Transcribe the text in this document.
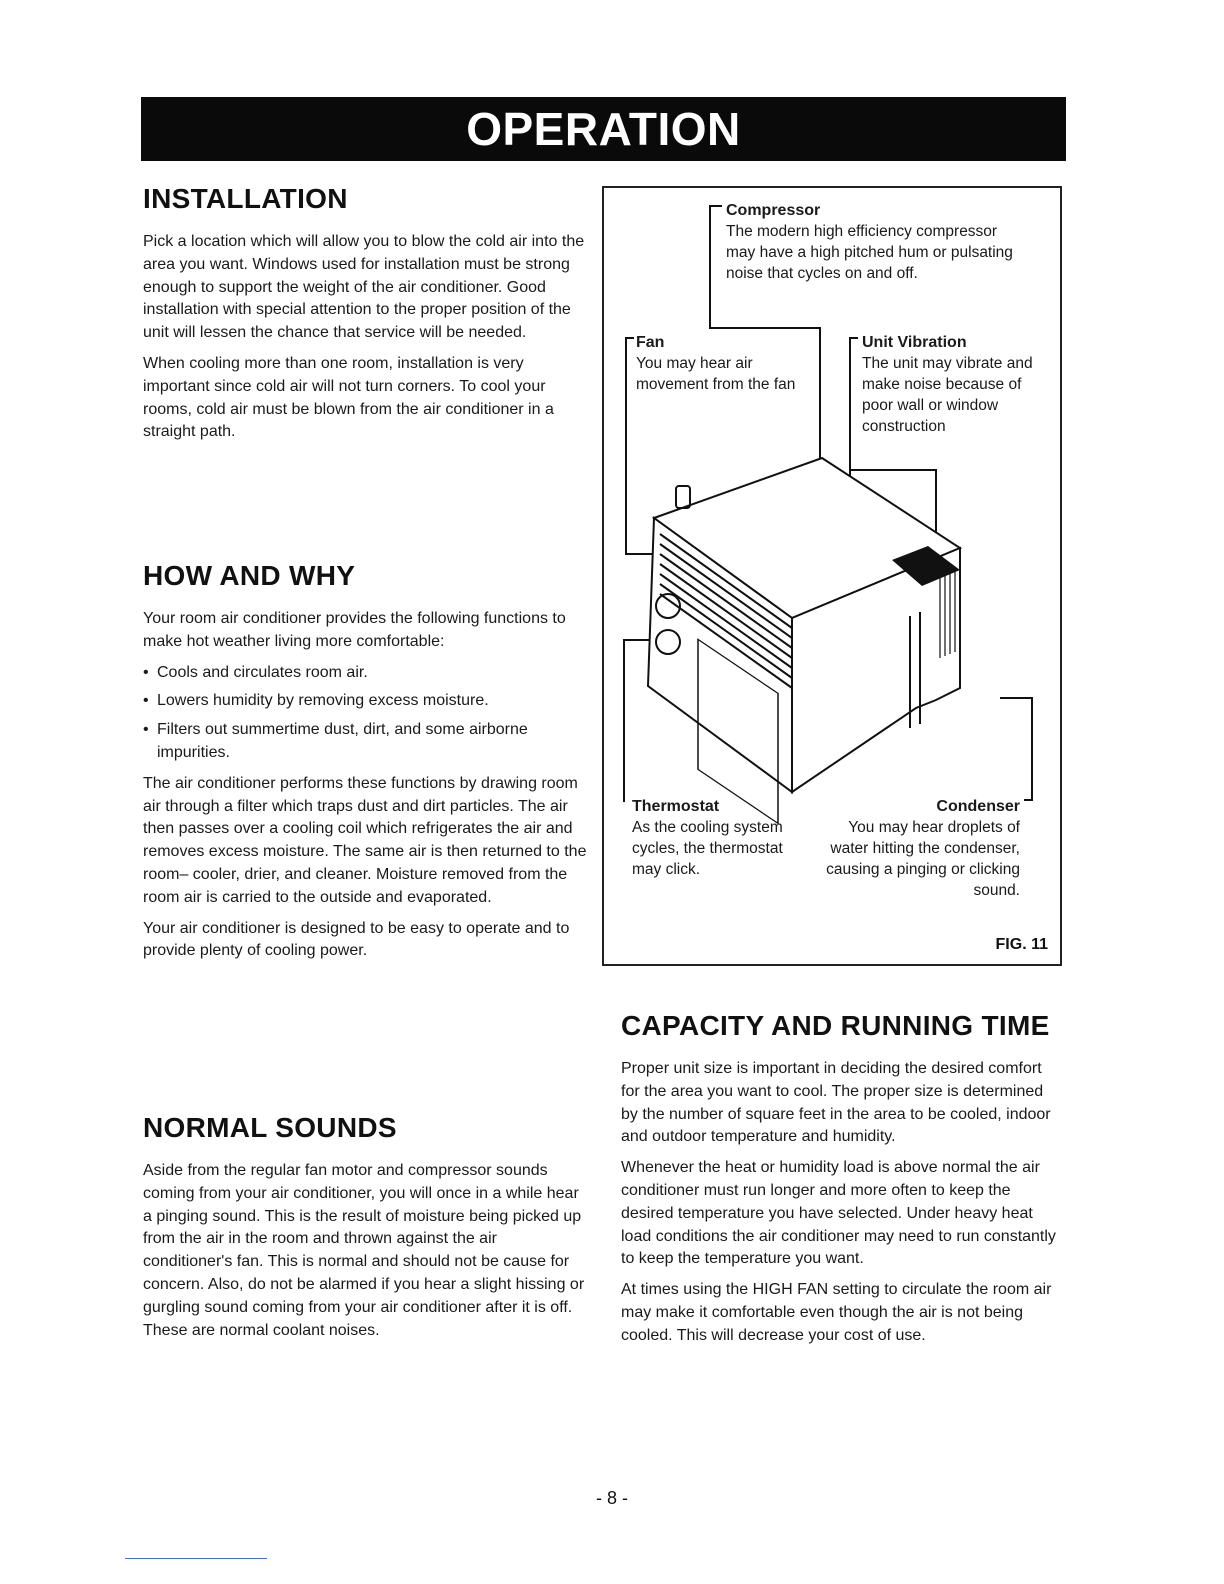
OPERATION
INSTALLATION

Pick a location which will allow you to blow the cold air into the area you want. Windows used for installation must be strong enough to support the weight of the air conditioner. Good installation with special attention to the proper position of the unit will lessen the chance that service will be needed.

When cooling more than one room, installation is very important since cold air will not turn corners. To cool your rooms, cold air must be blown from the air conditioner in a straight path.

HOW AND WHY

Your room air conditioner provides the following functions to make hot weather living more comfortable:

• Cools and circulates room air.
• Lowers humidity by removing excess moisture.
• Filters out summertime dust, dirt, and some airborne impurities.

The air conditioner performs these functions by drawing room air through a filter which traps dust and dirt particles. The air then passes over a cooling coil which refrigerates the air and removes excess moisture. The same air is then returned to the room– cooler, drier, and cleaner. Moisture removed from the room air is carried to the outside and evaporated.

Your air conditioner is designed to be easy to operate and to provide plenty of cooling power.

NORMAL SOUNDS

Aside from the regular fan motor and compressor sounds coming from your air conditioner, you will once in a while hear a pinging sound. This is the result of moisture being picked up from the air in the room and thrown against the air conditioner's fan. This is normal and should not be cause for concern. Also, do not be alarmed if you hear a slight hissing or gurgling sound coming from your air conditioner after it is off. These are normal coolant noises.

Compressor
The modern high efficiency compressor may have a high pitched hum or pulsating noise that cycles on and off.
Fan
You may hear air movement from the fan
Unit Vibration
The unit may vibrate and make noise because of poor wall or window construction
Thermostat
As the cooling system cycles, the thermostat may click.
Condenser
You may hear droplets of water hitting the condenser, causing a pinging or clicking sound.
FIG. 11
CAPACITY AND RUNNING TIME

Proper unit size is important in deciding the desired comfort for the area you want to cool. The proper size is determined by the number of square feet in the area to be cooled, indoor and outdoor temperature and humidity.

Whenever the heat or humidity load is above normal the air conditioner must run longer and more often to keep the desired temperature you have selected. Under heavy heat load conditions the air conditioner may need to run constantly to keep the temperature you want.

At times using the HIGH FAN setting to circulate the room air may make it comfortable even though the air is not being cooled. This will decrease your cost of use.

- 8 -
